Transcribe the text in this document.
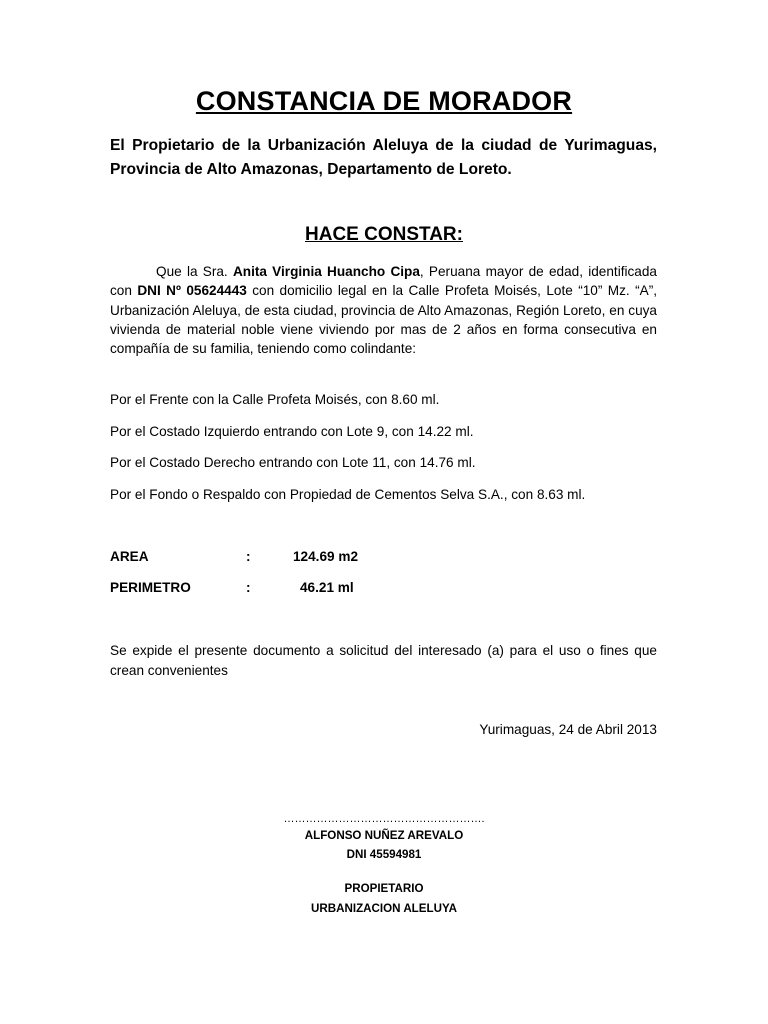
CONSTANCIA DE MORADOR
El Propietario de la Urbanización Aleluya de la ciudad de Yurimaguas, Provincia de Alto Amazonas, Departamento de Loreto.
HACE CONSTAR:
Que la Sra. Anita Virginia Huancho Cipa, Peruana mayor de edad, identificada con DNI Nº 05624443 con domicilio legal en la Calle Profeta Moisés, Lote “10” Mz. “A”, Urbanización Aleluya, de esta ciudad, provincia de Alto Amazonas, Región Loreto, en cuya vivienda de material noble viene viviendo por mas de 2 años en forma consecutiva en compañía de su familia, teniendo como colindante:
Por el Frente con la Calle Profeta Moisés, con 8.60 ml.
Por el Costado Izquierdo entrando con Lote 9, con 14.22 ml.
Por el Costado Derecho entrando con Lote 11, con 14.76 ml.
Por el Fondo o Respaldo con Propiedad de Cementos Selva S.A., con 8.63 ml.
AREA	:	124.69 m2
PERIMETRO	:	46.21 ml
Se expide el presente documento a solicitud del interesado (a) para el uso o fines que crean convenientes
Yurimaguas, 24 de Abril 2013
……………………………………………….
ALFONSO NUÑEZ AREVALO
DNI 45594981
PROPIETARIO
URBANIZACION ALELUYA
